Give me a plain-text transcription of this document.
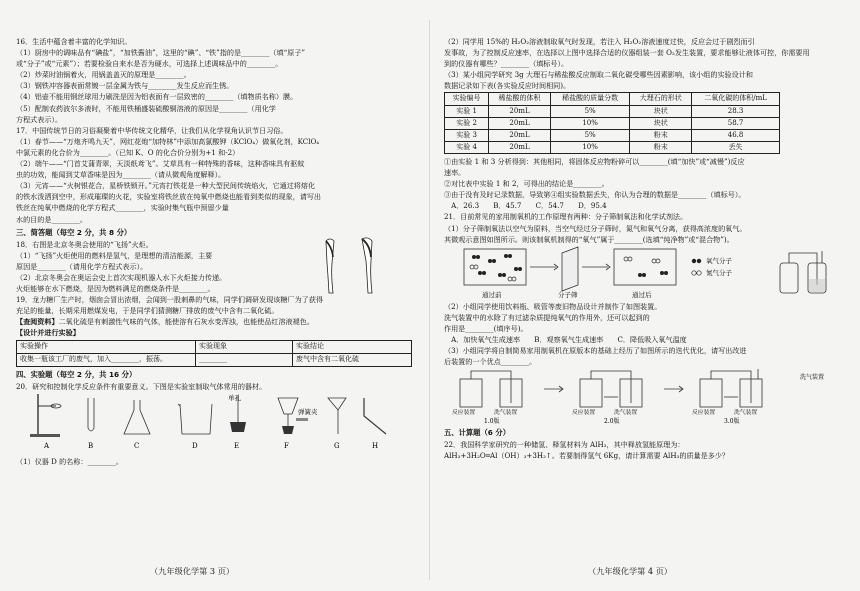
16．生活中蕴含着丰富的化学知识。

（1）厨房中的调味品有“碘盐”，“加铁酱油”，这里的“碘”、“铁”指的是________（填“原子”

或“分子”或“元素”）；若要检验自来水是否为硬水，可选择上述调味品中的________。

（2）炒菜时油锅着火，用锅盖盖灭的原理是________。

（3）钢铁冲容器表面常镀一层金属为铁与________发生反应而生锈。

（4）铝壶不能用钢丝球用力刷洗是因为铝表面有一层致密的________（填物质名称）膜。

（5）配制农药波尔多液时，不能用铁桶盛装硫酸铜溶液的原因是________（用化学

方程式表示）。

17．中国传统节日的习俗凝聚着中华传统文化精华，让我们从化学视角认识节日习俗。

（1）春节——“万炮齐鸣九天”，网红花炮“加特林”中添加高氯酸钾（KClO₄）做氧化剂，KClO₄

中氯元素的化合价为________。（已知 K、O 的化合价分别为+1 和-2）

（2）端午——“门首艾蒲青翠，天淡纸鸢飞”。艾草具有一种特殊的香味，这种香味具有驱蚊

虫的功效，能闻到艾草香味是因为________（请从微观角度解释）。

（3）元宵——“火树银花合，星桥铁锁开。”元宵打铁花是一种大型民间传统焰火，它通过将熔化

的铁水泼洒到空中，形成璀璨的火花，实验室将铁丝放在纯氧中燃烧也能看到类似的现象，请写出

铁丝在纯氧中燃烧的化学方程式________，实验时集气瓶中预留少量

水的目的是________。

三、简答题（每空 2 分，共 8 分）

18．右图是北京冬奥会使用的“飞扬”火炬。

（1）“飞扬”火炬使用的燃料是氢气，是理想的清洁能源，主要

原因是________（请用化学方程式表示）。

（2）北京冬奥会在奥运会史上首次实现机器人水下火炬接力传递。

火炬能够在水下燃烧，是因为燃料满足的燃烧条件是________。

19．龙力糖厂生产时，烟囱会冒出浓烟，会闻到一股刺鼻的气味，同学们调研发现该糖厂为了获得

充足的能量，长期采用燃煤发电，于是同学们猜测糖厂排放的废气中含有二氧化硫。

【查阅资料】二氧化硫是有刺激性气味的气体，能使溶有石灰水变浑浊，也能使品红溶液褪色。

【设计并进行实验】

实验操作	实验现象	实验结论
收集一瓶该工厂的废气，加入________，振荡。	________	废气中含有二氧化硫

四、实验题（每空 2 分，共 16 分）

20．研究和控制化学反应条件有重要意义。下图是实验室制取气体常用的器材。

单孔
弹簧夹
A	B	C	D	E	F	G	H

（1）仪器 D 的名称：________。

（九年级化学第 3 页）

（2）同学用 15%的 H₂O₂溶液制取氧气时发现，若注入 H₂O₂溶液速度过快，反应会过于剧烈而引

发事故，为了控制反应速率，在选择以上图中选择合适的仪器组装一套 O₂发生装置，要求能够让液体可控，你需要用

到的仪器有哪些？________（填标号）。

（3）某小组同学研究 3g 大理石与稀盐酸反应制取二氧化碳受哪些因素影响，该小组的实验设计和

数据记录如下表(各实验反应时间相同)。

实验编号	稀盐酸的体积	稀盐酸的质量分数	大理石的形状	二氧化碳的体积/mL
实验 1	20mL	5%	块状	28.3
实验 2	20mL	10%	块状	58.7
实验 3	20mL	5%	粉末	46.8
实验 4	20mL	10%	粉末	丢失

①由实验 1 和 3 分析得到：其他相同，将固体反应物粉碎可以________(填“加快”或“减慢”)反应

速率。

②对比表中实验 1 和 2，可得出的结论是________。

③由于没有及时记录数据，导致第④组实验数据丢失，你认为合理的数据是________（填标号）。

　A．26.3　　B．45.7　　C．54.7　　D．95.4

21．目前常见的家用制氧机的工作原理有两种：分子筛制氧法和化学试剂法。

（1）分子筛制氧法以空气为原料，当空气经过分子筛时，氮气和氧气分离，获得高浓度的氧气。

其微观示意图如图所示。则该制氧机制得的“氧气”属于________(选填“纯净物”或“混合物”)。

氧气分子
氮气分子
通过前	分子筛	通过后

（2）小组同学使用饮料瓶、吸管等废旧物品设计并制作了如图装置。

洗气装置中的水除了有过滤杂质提纯氧气的作用外，还可以起到的

作用是________(填序号)。

　A．加快氧气生成速率　　B．观察氧气生成速率　　C．降低吸入氧气温度

（3）小组同学将自制简易家用制氧机在原版本的基础上经历了如图所示的迭代优化，请写出改进

后装置的一个优点________。

反应装置	洗气装置
1.0版
反应装置	洗气装置
2.0版
反应装置	洗气装置
3.0版
洗气装置

五、计算题（6 分）

22．我国科学家研究的一种储氢、释氢材料为 AlH₃，其中释放氢能原理为：

AlH₃+3H₂O═Al（OH）₃+3H₂↑。若要制得氢气 6Kg，请计算需要 AlH₃的质量是多少？

（九年级化学第 4 页）
